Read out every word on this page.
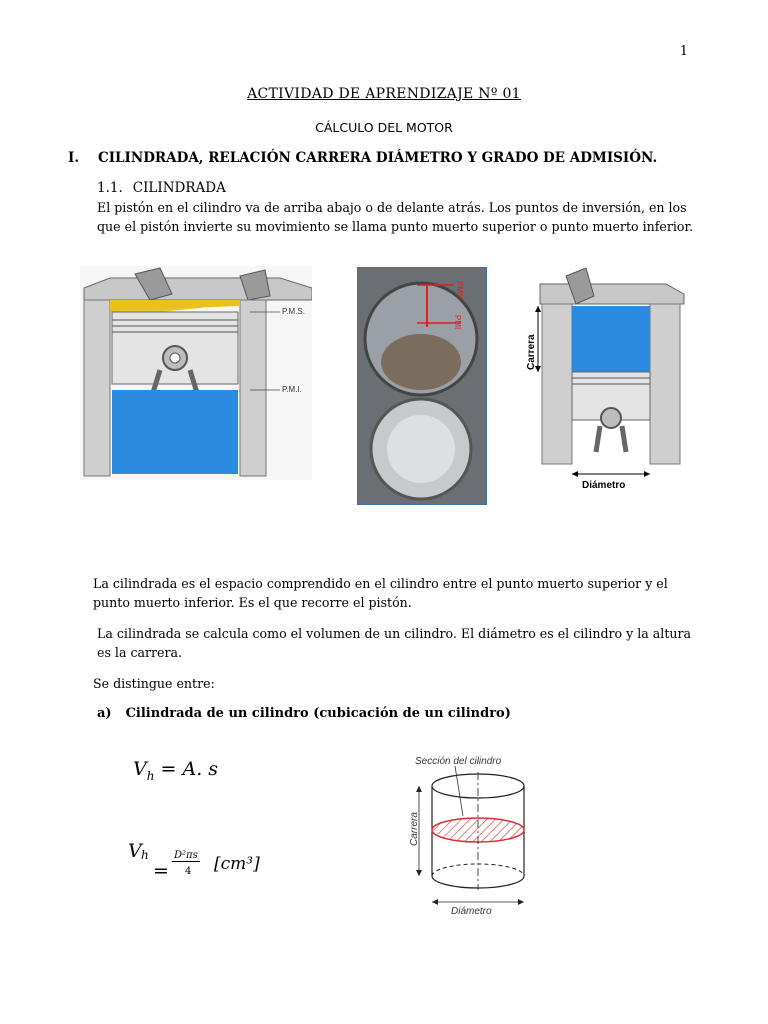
1
ACTIVIDAD DE APRENDIZAJE Nº 01
CÁLCULO DEL MOTOR
I. CILINDRADA, RELACIÓN CARRERA DIÁMETRO Y GRADO DE ADMISIÓN.
1.1. CILINDRADA
El pistón en el cilindro va de arriba abajo o de delante atrás. Los puntos de inversión, en los
que el pistón invierte su movimiento se llama punto muerto superior o punto muerto inferior.
P.M.S.
P.M.I.
PMS
PMI
Carrera
Diámetro
La cilindrada es el espacio comprendido en el cilindro entre el punto muerto superior y el
punto muerto inferior. Es el que recorre el pistón.
La cilindrada se calcula como el volumen de un cilindro. El diámetro es el cilindro y la altura
es la carrera.
Se distingue entre:
a) Cilindrada de un cilindro (cubicación de un cilindro)
$V_h = A$. s
V h
=
D²πs
4 [cm³]
Sección del cilindro
Carrera
Diámetro
